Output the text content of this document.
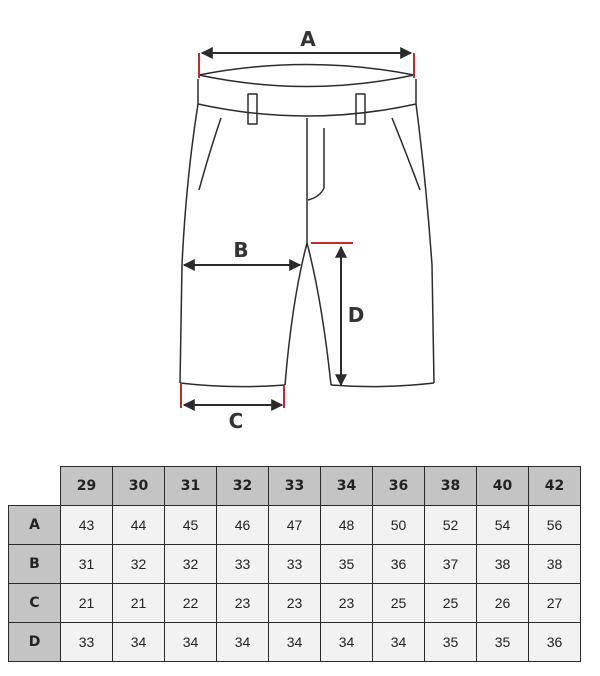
A
B
C
D
	29	30	31	32	33	34	36	38	40	42
A	43	44	45	46	47	48	50	52	54	56
B	31	32	32	33	33	35	36	37	38	38
C	21	21	22	23	23	23	25	25	26	27
D	33	34	34	34	34	34	34	35	35	36
